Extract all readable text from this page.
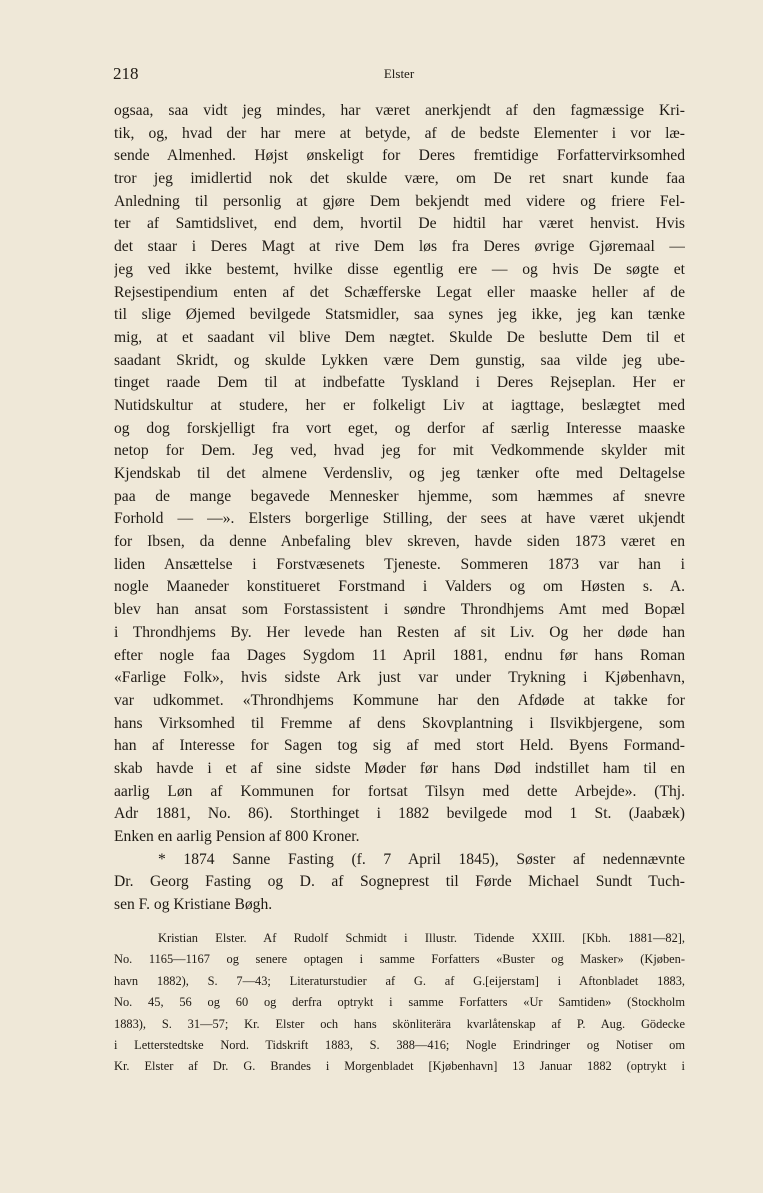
218	Elster
ogsaa, saa vidt jeg mindes, har været anerkjendt af den fagmæssige Kri-
tik, og, hvad der har mere at betyde, af de bedste Elementer i vor læ-
sende Almenhed. Højst ønskeligt for Deres fremtidige Forfattervirksomhed
tror jeg imidlertid nok det skulde være, om De ret snart kunde faa
Anledning til personlig at gjøre Dem bekjendt med videre og friere Fel-
ter af Samtidslivet, end dem, hvortil De hidtil har været henvist. Hvis
det staar i Deres Magt at rive Dem løs fra Deres øvrige Gjøremaal —
jeg ved ikke bestemt, hvilke disse egentlig ere — og hvis De søgte et
Rejsestipendium enten af det Schæfferske Legat eller maaske heller af de
til slige Øjemed bevilgede Statsmidler, saa synes jeg ikke, jeg kan tænke
mig, at et saadant vil blive Dem nægtet. Skulde De beslutte Dem til et
saadant Skridt, og skulde Lykken være Dem gunstig, saa vilde jeg ube-
tinget raade Dem til at indbefatte Tyskland i Deres Rejseplan. Her er
Nutidskultur at studere, her er folkeligt Liv at iagttage, beslægtet med
og dog forskjelligt fra vort eget, og derfor af særlig Interesse maaske
netop for Dem. Jeg ved, hvad jeg for mit Vedkommende skylder mit
Kjendskab til det almene Verdensliv, og jeg tænker ofte med Deltagelse
paa de mange begavede Mennesker hjemme, som hæmmes af snevre
Forhold — —». Elsters borgerlige Stilling, der sees at have været ukjendt
for Ibsen, da denne Anbefaling blev skreven, havde siden 1873 været en
liden Ansættelse i Forstvæsenets Tjeneste. Sommeren 1873 var han i
nogle Maaneder konstitueret Forstmand i Valders og om Høsten s. A.
blev han ansat som Forstassistent i søndre Throndhjems Amt med Bopæl
i Throndhjems By. Her levede han Resten af sit Liv. Og her døde han
efter nogle faa Dages Sygdom 11 April 1881, endnu før hans Roman
«Farlige Folk», hvis sidste Ark just var under Trykning i Kjøbenhavn,
var udkommet. «Throndhjems Kommune har den Afdøde at takke for
hans Virksomhed til Fremme af dens Skovplantning i Ilsvikbjergene, som
han af Interesse for Sagen tog sig af med stort Held. Byens Formand-
skab havde i et af sine sidste Møder før hans Død indstillet ham til en
aarlig Løn af Kommunen for fortsat Tilsyn med dette Arbejde». (Thj.
Adr 1881, No. 86). Storthinget i 1882 bevilgede mod 1 St. (Jaabæk)
Enken en aarlig Pension af 800 Kroner.
* 1874 Sanne Fasting (f. 7 April 1845), Søster af nedennævnte
Dr. Georg Fasting og D. af Sogneprest til Førde Michael Sundt Tuch-
sen F. og Kristiane Bøgh.
Kristian Elster. Af Rudolf Schmidt i Illustr. Tidende XXIII. [Kbh. 1881—82],
No. 1165—1167 og senere optagen i samme Forfatters «Buster og Masker» (Kjøben-
havn 1882), S. 7—43; Literaturstudier af G. af G.[eijerstam] i Aftonbladet 1883,
No. 45, 56 og 60 og derfra optrykt i samme Forfatters «Ur Samtiden» (Stockholm
1883), S. 31—57; Kr. Elster och hans skönliterära kvarlåtenskap af P. Aug. Gödecke
i Letterstedtske Nord. Tidskrift 1883, S. 388—416; Nogle Erindringer og Notiser om
Kr. Elster af Dr. G. Brandes i Morgenbladet [Kjøbenhavn] 13 Januar 1882 (optrykt i
